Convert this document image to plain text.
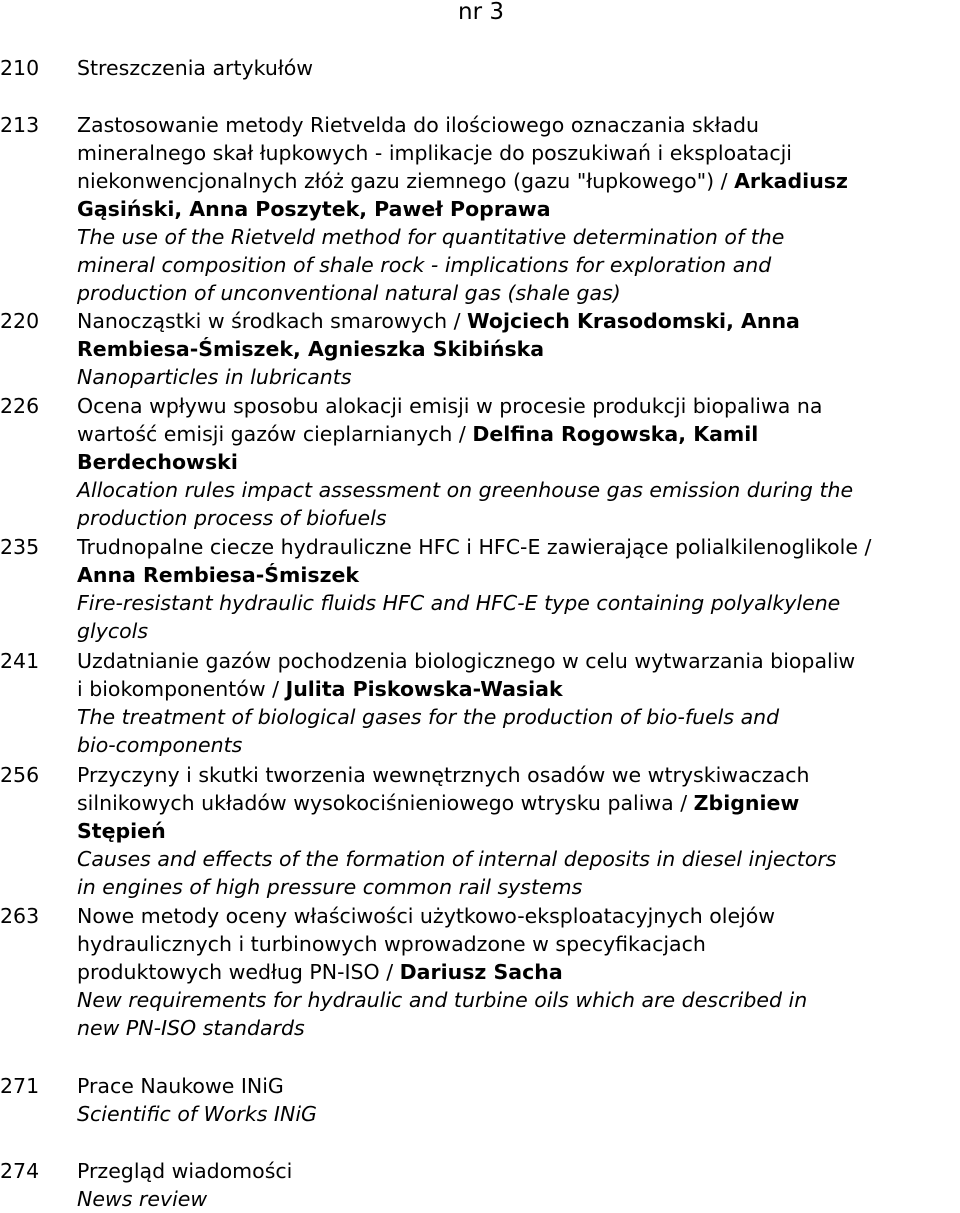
nr 3
210	Streszczenia artykułów
213	Zastosowanie metody Rietvelda do ilościowego oznaczania składu
mineralnego skał łupkowych - implikacje do poszukiwań i eksploatacji
niekonwencjonalnych złóż gazu ziemnego (gazu "łupkowego") / Arkadiusz
Gąsiński, Anna Poszytek, Paweł Poprawa
The use of the Rietveld method for quantitative determination of the
mineral composition of shale rock - implications for exploration and
production of unconventional natural gas (shale gas)
220	Nanocząstki w środkach smarowych / Wojciech Krasodomski, Anna
Rembiesa-Śmiszek, Agnieszka Skibińska
Nanoparticles in lubricants
226	Ocena wpływu sposobu alokacji emisji w procesie produkcji biopaliwa na
wartość emisji gazów cieplarnianych / Delfina Rogowska, Kamil
Berdechowski
Allocation rules impact assessment on greenhouse gas emission during the
production process of biofuels
235	Trudnopalne ciecze hydrauliczne HFC i HFC-E zawierające polialkilenoglikole /
Anna Rembiesa-Śmiszek
Fire-resistant hydraulic fluids HFC and HFC-E type containing polyalkylene
glycols
241	Uzdatnianie gazów pochodzenia biologicznego w celu wytwarzania biopaliw
i biokomponentów / Julita Piskowska-Wasiak
The treatment of biological gases for the production of bio-fuels and
bio-components
256	Przyczyny i skutki tworzenia wewnętrznych osadów we wtryskiwaczach
silnikowych układów wysokociśnieniowego wtrysku paliwa / Zbigniew
Stępień
Causes and effects of the formation of internal deposits in diesel injectors
in engines of high pressure common rail systems
263	Nowe metody oceny właściwości użytkowo-eksploatacyjnych olejów
hydraulicznych i turbinowych wprowadzone w specyfikacjach
produktowych według PN-ISO / Dariusz Sacha
New requirements for hydraulic and turbine oils which are described in
new PN-ISO standards
271	Prace Naukowe INiG
Scientific of Works INiG
274	Przegląd wiadomości
News review
